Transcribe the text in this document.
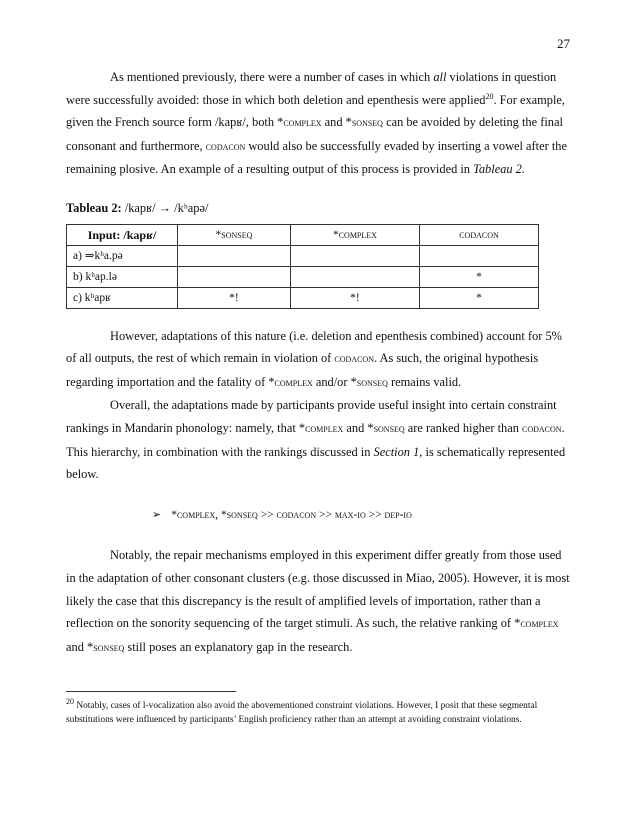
27

As mentioned previously, there were a number of cases in which all violations in question were successfully avoided: those in which both deletion and epenthesis were applied$^{20}$. For example, given the French source form /kapʁ/, both *complex and *sonseq can be avoided by deleting the final consonant and furthermore, codacon would also be successfully evaded by inserting a vowel after the remaining plosive. An example of a resulting output of this process is provided in Tableau 2.

Tableau 2: /kapʁ/ → /kʰapə/
Input: /kapʁ/	*sonseq	*complex	codacon
a) ⇒kʰa.pə			
b) kʰap.lə			*
c) kʰapʁ	*!	*!	*

However, adaptations of this nature (i.e. deletion and epenthesis combined) account for 5% of all outputs, the rest of which remain in violation of codacon. As such, the original hypothesis regarding importation and the fatality of *complex and/or *sonseq remains valid.

Overall, the adaptations made by participants provide useful insight into certain constraint rankings in Mandarin phonology: namely, that *complex and *sonseq are ranked higher than codacon. This hierarchy, in combination with the rankings discussed in Section 1, is schematically represented below.

➢ *complex, *sonseq >> codacon >> max-io >> dep-io

Notably, the repair mechanisms employed in this experiment differ greatly from those used in the adaptation of other consonant clusters (e.g. those discussed in Miao, 2005). However, it is most likely the case that this discrepancy is the result of amplified levels of importation, rather than a reflection on the sonority sequencing of the target stimuli. As such, the relative ranking of *complex and *sonseq still poses an explanatory gap in the research.

$^{20}$ Notably, cases of l-vocalization also avoid the abovementioned constraint violations. However, I posit that these segmental substitutions were influenced by participants’ English proficiency rather than an attempt at avoiding constraint violations.
